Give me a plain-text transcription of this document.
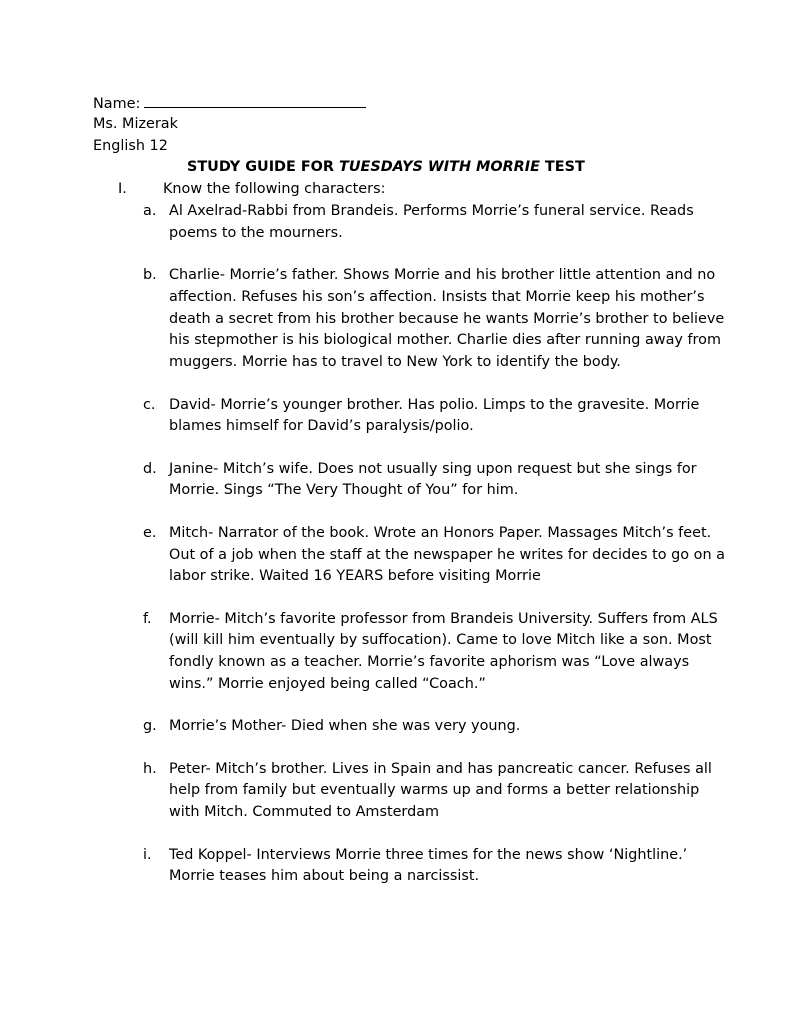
Name:
Ms. Mizerak
English 12
STUDY GUIDE FOR TUESDAYS WITH MORRIE TEST
I.	Know the following characters:
a. Al Axelrad-Rabbi from Brandeis. Performs Morrie’s funeral service. Reads poems to the mourners.
b. Charlie- Morrie’s father. Shows Morrie and his brother little attention and no affection. Refuses his son’s affection. Insists that Morrie keep his mother’s death a secret from his brother because he wants Morrie’s brother to believe his stepmother is his biological mother. Charlie dies after running away from muggers. Morrie has to travel to New York to identify the body.
c. David- Morrie’s younger brother. Has polio. Limps to the gravesite. Morrie blames himself for David’s paralysis/polio.
d. Janine- Mitch’s wife. Does not usually sing upon request but she sings for Morrie. Sings “The Very Thought of You” for him.
e. Mitch- Narrator of the book. Wrote an Honors Paper. Massages Mitch’s feet. Out of a job when the staff at the newspaper he writes for decides to go on a labor strike. Waited 16 YEARS before visiting Morrie
f. Morrie- Mitch’s favorite professor from Brandeis University. Suffers from ALS (will kill him eventually by suffocation). Came to love Mitch like a son. Most fondly known as a teacher. Morrie’s favorite aphorism was “Love always wins.” Morrie enjoyed being called “Coach.”
g. Morrie’s Mother- Died when she was very young.
h. Peter- Mitch’s brother. Lives in Spain and has pancreatic cancer. Refuses all help from family but eventually warms up and forms a better relationship with Mitch. Commuted to Amsterdam
i. Ted Koppel- Interviews Morrie three times for the news show ‘Nightline.’ Morrie teases him about being a narcissist.
